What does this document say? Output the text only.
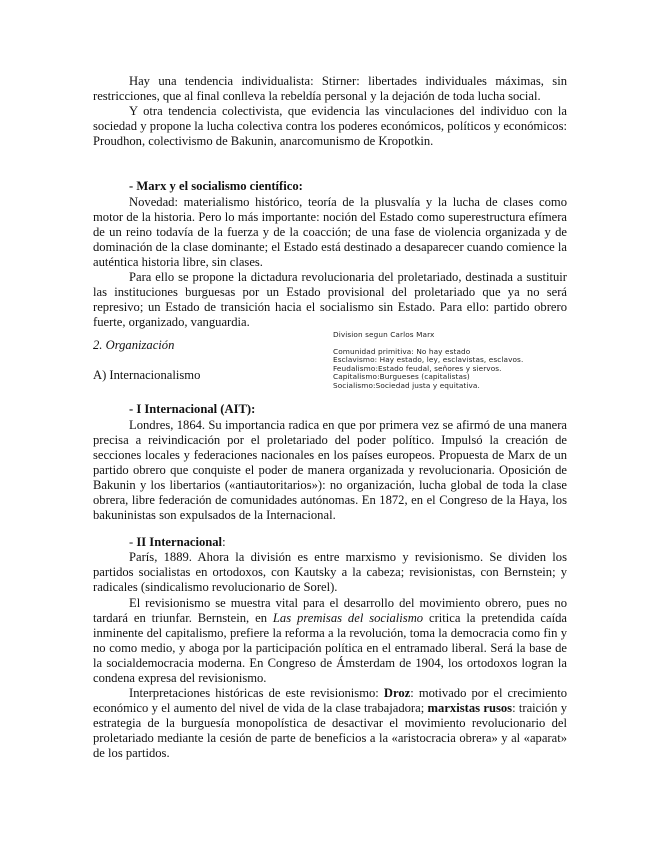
Hay una tendencia individualista: Stirner: libertades individuales máximas, sin restricciones, que al final conlleva la rebeldía personal y la dejación de toda lucha social.

Y otra tendencia colectivista, que evidencia las vinculaciones del individuo con la sociedad y propone la lucha colectiva contra los poderes económicos, políticos y económicos: Proudhon, colectivismo de Bakunin, anarcomunismo de Kropotkin.

- Marx y el socialismo científico:

Novedad: materialismo histórico, teoría de la plusvalía y la lucha de clases como motor de la historia. Pero lo más importante: noción del Estado como superestructura efímera de un reino todavía de la fuerza y de la coacción; de una fase de violencia organizada y de dominación de la clase dominante; el Estado está destinado a desaparecer cuando comience la auténtica historia libre, sin clases.

Para ello se propone la dictadura revolucionaria del proletariado, destinada a sustituir las instituciones burguesas por un Estado provisional del proletariado que ya no será represivo; un Estado de transición hacia el socialismo sin Estado. Para ello: partido obrero fuerte, organizado, vanguardia.

2. Organización

A) Internacionalismo

- I Internacional (AIT):

Londres, 1864. Su importancia radica en que por primera vez se afirmó de una manera precisa a reivindicación por el proletariado del poder político. Impulsó la creación de secciones locales y federaciones nacionales en los países europeos. Propuesta de Marx de un partido obrero que conquiste el poder de manera organizada y revolucionaria. Oposición de Bakunin y los libertarios («antiautoritarios»): no organización, lucha global de toda la clase obrera, libre federación de comunidades autónomas. En 1872, en el Congreso de la Haya, los bakuninistas son expulsados de la Internacional.

- II Internacional:

París, 1889. Ahora la división es entre marxismo y revisionismo. Se dividen los partidos socialistas en ortodoxos, con Kautsky a la cabeza; revisionistas, con Bernstein; y radicales (sindicalismo revolucionario de Sorel).

El revisionismo se muestra vital para el desarrollo del movimiento obrero, pues no tardará en triunfar. Bernstein, en Las premisas del socialismo critica la pretendida caída inminente del capitalismo, prefiere la reforma a la revolución, toma la democracia como fin y no como medio, y aboga por la participación política en el entramado liberal. Será la base de la socialdemocracia moderna. En Congreso de Ámsterdam de 1904, los ortodoxos logran la condena expresa del revisionismo.

Interpretaciones históricas de este revisionismo: Droz: motivado por el crecimiento económico y el aumento del nivel de vida de la clase trabajadora; marxistas rusos: traición y estrategia de la burguesía monopolística de desactivar el movimiento revolucionario del proletariado mediante la cesión de parte de beneficios a la «aristocracia obrera» y al «aparat» de los partidos.

Division segun Carlos Marx
Comunidad primitiva: No hay estado
Esclavismo: Hay estado, ley, esclavistas, esclavos.
Feudalismo:Estado feudal, señores y siervos.
Capitalismo:Burgueses (capitalistas)
Socialismo:Sociedad justa y equitativa.
